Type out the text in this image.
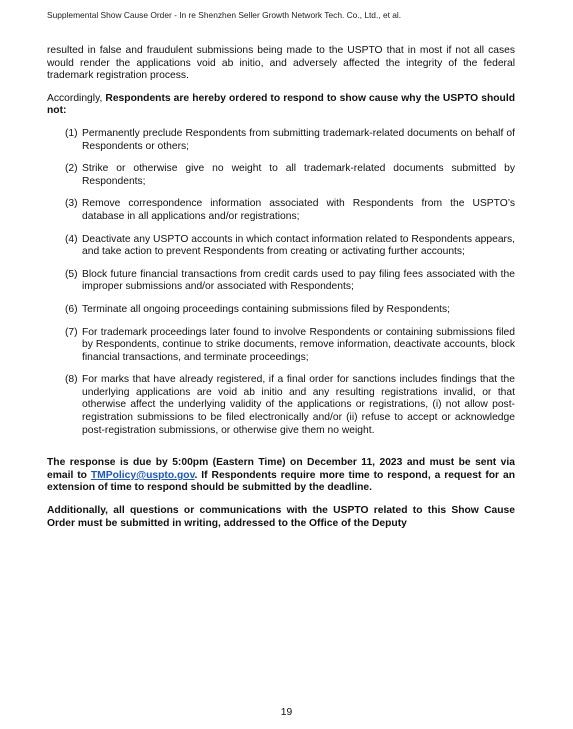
Supplemental Show Cause Order - In re Shenzhen Seller Growth Network Tech. Co., Ltd., et al.

resulted in false and fraudulent submissions being made to the USPTO that in most if not all cases would render the applications void ab initio, and adversely affected the integrity of the federal trademark registration process.

Accordingly, Respondents are hereby ordered to respond to show cause why the USPTO should not:

(1) Permanently preclude Respondents from submitting trademark-related documents on behalf of Respondents or others;
(2) Strike or otherwise give no weight to all trademark-related documents submitted by Respondents;
(3) Remove correspondence information associated with Respondents from the USPTO’s database in all applications and/or registrations;
(4) Deactivate any USPTO accounts in which contact information related to Respondents appears, and take action to prevent Respondents from creating or activating further accounts;
(5) Block future financial transactions from credit cards used to pay filing fees associated with the improper submissions and/or associated with Respondents;
(6) Terminate all ongoing proceedings containing submissions filed by Respondents;
(7) For trademark proceedings later found to involve Respondents or containing submissions filed by Respondents, continue to strike documents, remove information, deactivate accounts, block financial transactions, and terminate proceedings;
(8) For marks that have already registered, if a final order for sanctions includes findings that the underlying applications are void ab initio and any resulting registrations invalid, or that otherwise affect the underlying validity of the applications or registrations, (i) not allow post-registration submissions to be filed electronically and/or (ii) refuse to accept or acknowledge post-registration submissions, or otherwise give them no weight.

The response is due by 5:00pm (Eastern Time) on December 11, 2023 and must be sent via email to TMPolicy@uspto.gov. If Respondents require more time to respond, a request for an extension of time to respond should be submitted by the deadline.

Additionally, all questions or communications with the USPTO related to this Show Cause Order must be submitted in writing, addressed to the Office of the Deputy

19
